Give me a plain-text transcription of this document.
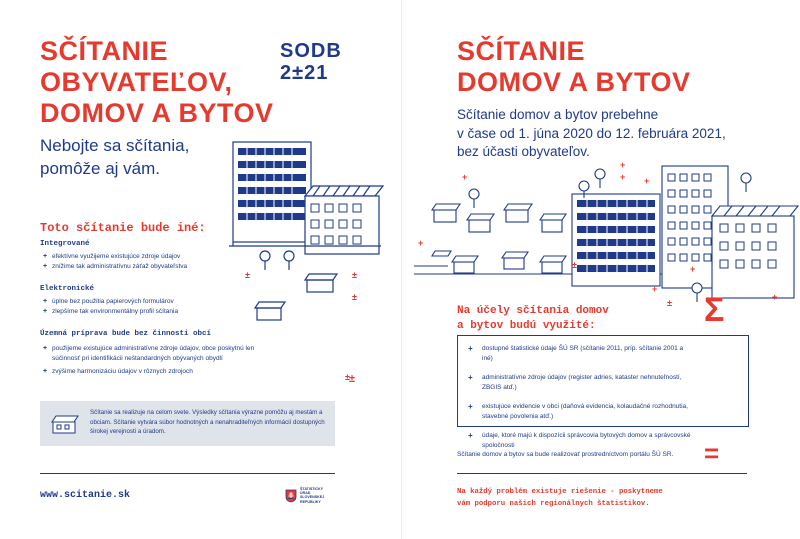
SČÍTANIE
OBYVATEĽOV,
DOMOV A BYTOV
SODB
2±21
Nebojte sa sčítania,
pomôže aj vám.
±	±
±
± ±
Toto sčítanie bude iné:
Integrované
+ efektívne využijeme existujúce zdroje údajov
+ znížime tak administratívnu záťaž obyvateľstva
Elektronické
+ úplne bez použitia papierových formulárov
+ zlepšíme tak environmentálny profil sčítania
Územná príprava bude bez činnosti obcí
+ použijeme existujúce administratívne zdroje údajov, obce poskytnú len súčinnosť pri identifikácii neštandardných obývaných obydlí
+ zvýšime harmonizáciu údajov v rôznych zdrojoch
Sčítanie sa realizuje na celom svete. Výsledky sčítania výrazne pomôžu aj mestám a obciam. Sčítanie vytvára súbor hodnotných a nenahraditeľných informácií dostupných širokej verejnosti a úradom.
www.scitanie.sk
ŠTATISTICKÝ
ÚRAD
SLOVENSKEJ
REPUBLIKY
SČÍTANIE
DOMOV A BYTOV
Sčítanie domov a bytov prebehne
v čase od 1. júna 2020 do 12. februára 2021,
bez účasti obyvateľov.
+
+
+
+
+
±
+
+
+
±
Na účely sčítania domov
a bytov budú využité:	Σ
+ dostupné štatistické údaje ŠÚ SR (sčítanie 2011, príp. sčítanie 2001 a iné)
+ administratívne zdroje údajov (register adries, kataster nehnuteľností, ZBGIS atď.)
+ existujúce evidencie v obci (daňová evidencia, kolaudačné rozhodnutia, stavebné povolenia atď.)
+ údaje, ktoré majú k dispozícii správcovia bytových domov a správcovské spoločnosti
Sčítanie domov a bytov sa bude realizovať prostredníctvom portálu ŠÚ SR. =
Na každý problém existuje riešenie - poskytneme
vám podporu našich regionálnych štatistikov.
